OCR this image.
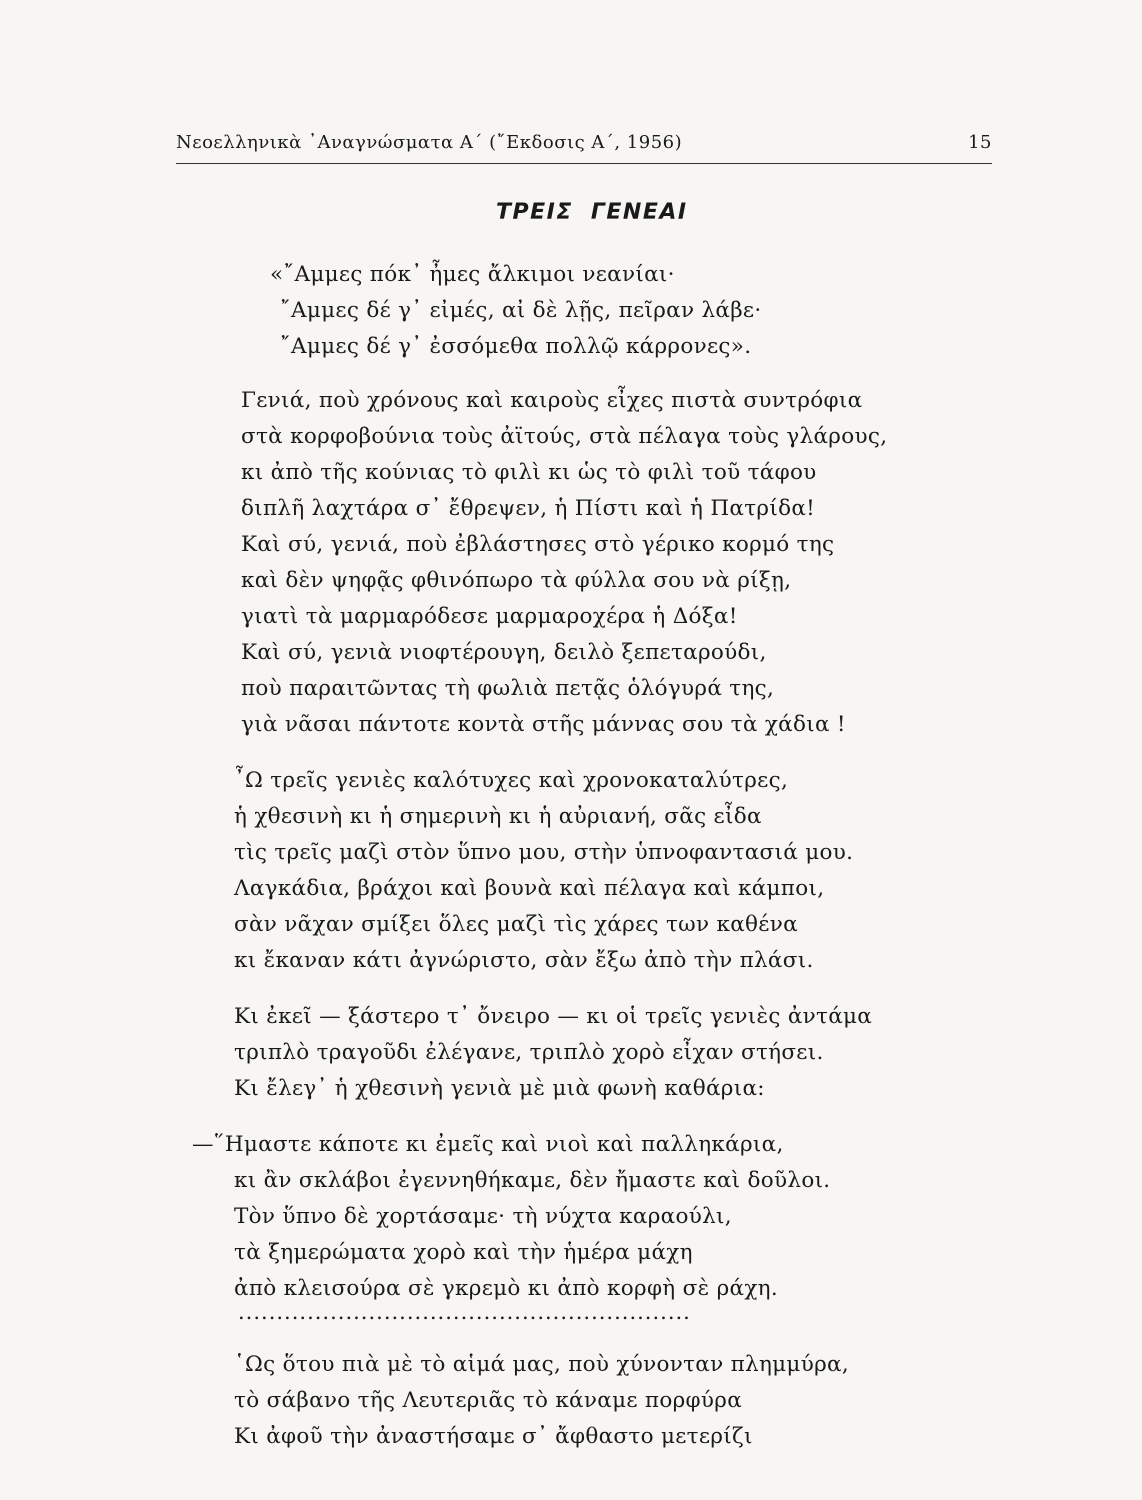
Νεοελληνικὰ ᾿Αναγνώσματα Α΄ (῎Εκδοσις Α΄, 1956)	15
ΤΡΕΙΣ ΓΕΝΕΑΙ
«῎Αμμες πόκ᾿ ἦμες ἄλκιμοι νεανίαι·
῎Αμμες δέ γ᾿ εἰμές, αἰ δὲ λῇς, πεῖραν λάβε·
῎Αμμες δέ γ᾿ ἐσσόμεθα πολλῷ κάρρονες».
Γενιά, ποὺ χρόνους καὶ καιροὺς εἶχες πιστὰ συντρόφια
στὰ κορφοβούνια τοὺς ἀϊτούς, στὰ πέλαγα τοὺς γλάρους,
κι ἀπὸ τῆς κούνιας τὸ φιλὶ κι ὡς τὸ φιλὶ τοῦ τάφου
διπλῆ λαχτάρα σ᾿ ἔθρεψεν, ἡ Πίστι καὶ ἡ Πατρίδα!
Καὶ σύ, γενιά, ποὺ ἐβλάστησες στὸ γέρικο κορμό της
καὶ δὲν ψηφᾷς φθινόπωρο τὰ φύλλα σου νὰ ρίξῃ,
γιατὶ τὰ μαρμαρόδεσε μαρμαροχέρα ἡ Δόξα!
Καὶ σύ, γενιὰ νιοφτέρουγη, δειλὸ ξεπεταρούδι,
ποὺ παραιτῶντας τὴ φωλιὰ πετᾷς ὁλόγυρά της,
γιὰ νᾶσαι πάντοτε κοντὰ στῆς μάννας σου τὰ χάδια !
῏Ω τρεῖς γενιὲς καλότυχες καὶ χρονοκαταλύτρες,
ἡ χθεσινὴ κι ἡ σημερινὴ κι ἡ αὐριανή, σᾶς εἶδα
τὶς τρεῖς μαζὶ στὸν ὕπνο μου, στὴν ὑπνοφαντασιά μου.
Λαγκάδια, βράχοι καὶ βουνὰ καὶ πέλαγα καὶ κάμποι,
σὰν νᾶχαν σμίξει ὅλες μαζὶ τὶς χάρες των καθένα
κι ἔκαναν κάτι ἀγνώριστο, σὰν ἔξω ἀπὸ τὴν πλάσι.
Κι ἐκεῖ — ξάστερο τ᾿ ὄνειρο — κι οἱ τρεῖς γενιὲς ἀντάμα
τριπλὸ τραγοῦδι ἐλέγανε, τριπλὸ χορὸ εἶχαν στήσει.
Κι ἔλεγ᾿ ἡ χθεσινὴ γενιὰ μὲ μιὰ φωνὴ καθάρια:
—῞Ημαστε κάποτε κι ἐμεῖς καὶ νιοὶ καὶ παλληκάρια,
κι ἂν σκλάβοι ἐγεννηθήκαμε, δὲν ἤμαστε καὶ δοῦλοι.
Τὸν ὕπνο δὲ χορτάσαμε· τὴ νύχτα καραούλι,
τὰ ξημερώματα χορὸ καὶ τὴν ἡμέρα μάχη
ἀπὸ κλεισούρα σὲ γκρεμὸ κι ἀπὸ κορφὴ σὲ ράχη.
...........................................................
῾Ως ὅτου πιὰ μὲ τὸ αἱμά μας, ποὺ χύνονταν πλημμύρα,
τὸ σάβανο τῆς Λευτεριᾶς τὸ κάναμε πορφύρα
Κι ἀφοῦ τὴν ἀναστήσαμε σ᾿ ἄφθαστο μετερίζι
